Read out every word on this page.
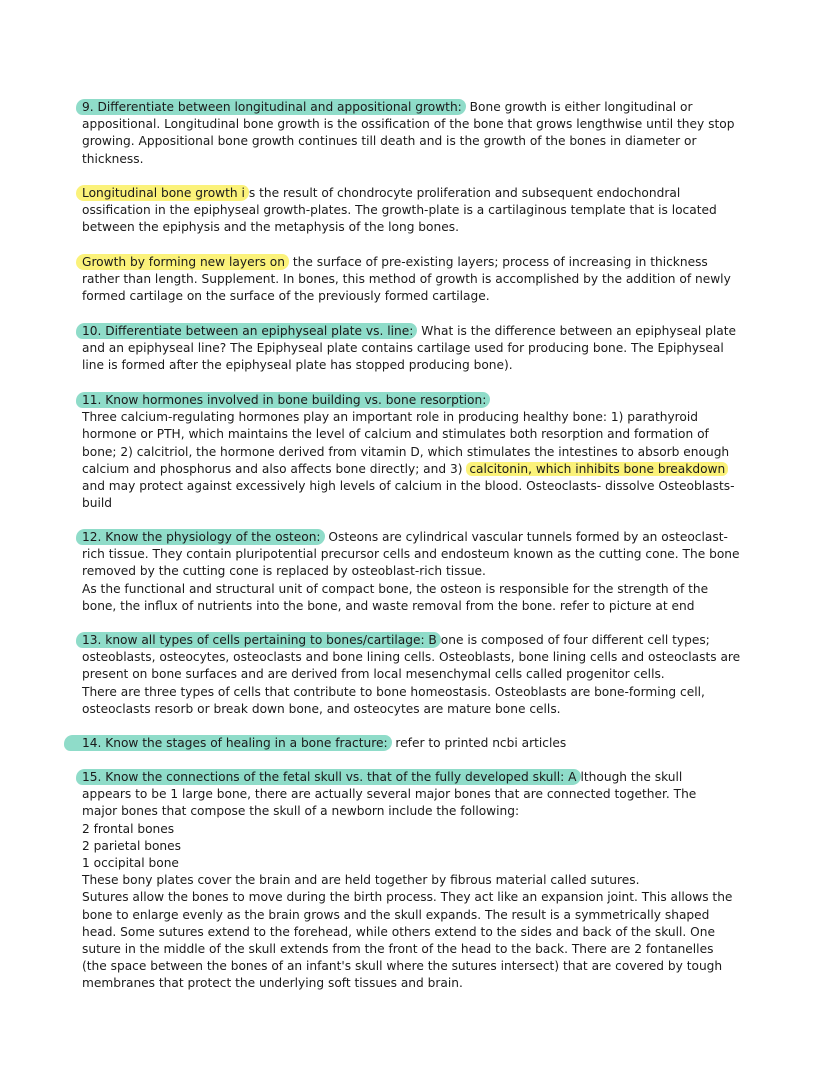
9. Differentiate between longitudinal and appositional growth: Bone growth is either longitudinal or
appositional. Longitudinal bone growth is the ossification of the bone that grows lengthwise until they stop
growing. Appositional bone growth continues till death and is the growth of the bones in diameter or
thickness.
Longitudinal bone growth i s the result of chondrocyte proliferation and subsequent endochondral
ossification in the epiphyseal growth-plates. The growth-plate is a cartilaginous template that is located
between the epiphysis and the metaphysis of the long bones.
Growth by forming new layers on the surface of pre-existing layers; process of increasing in thickness
rather than length. Supplement. In bones, this method of growth is accomplished by the addition of newly
formed cartilage on the surface of the previously formed cartilage.
10. Differentiate between an epiphyseal plate vs. line: What is the difference between an epiphyseal plate
and an epiphyseal line? The Epiphyseal plate contains cartilage used for producing bone. The Epiphyseal
line is formed after the epiphyseal plate has stopped producing bone).
11. Know hormones involved in bone building vs. bone resorption:
Three calcium-regulating hormones play an important role in producing healthy bone: 1) parathyroid
hormone or PTH, which maintains the level of calcium and stimulates both resorption and formation of
bone; 2) calcitriol, the hormone derived from vitamin D, which stimulates the intestines to absorb enough
calcium and phosphorus and also affects bone directly; and 3) calcitonin, which inhibits bone breakdown
and may protect against excessively high levels of calcium in the blood. Osteoclasts- dissolve Osteoblasts-
build
12. Know the physiology of the osteon: Osteons are cylindrical vascular tunnels formed by an osteoclast-
rich tissue. They contain pluripotential precursor cells and endosteum known as the cutting cone. The bone
removed by the cutting cone is replaced by osteoblast-rich tissue.
As the functional and structural unit of compact bone, the osteon is responsible for the strength of the
bone, the influx of nutrients into the bone, and waste removal from the bone. refer to picture at end
13. know all types of cells pertaining to bones/cartilage: B one is composed of four different cell types;
osteoblasts, osteocytes, osteoclasts and bone lining cells. Osteoblasts, bone lining cells and osteoclasts are
present on bone surfaces and are derived from local mesenchymal cells called progenitor cells.
There are three types of cells that contribute to bone homeostasis. Osteoblasts are bone-forming cell,
osteoclasts resorb or break down bone, and osteocytes are mature bone cells.
14. Know the stages of healing in a bone fracture: refer to printed ncbi articles
15. Know the connections of the fetal skull vs. that of the fully developed skull: A lthough the skull
appears to be 1 large bone, there are actually several major bones that are connected together. The
major bones that compose the skull of a newborn include the following:
2 frontal bones
2 parietal bones
1 occipital bone
These bony plates cover the brain and are held together by fibrous material called sutures.
Sutures allow the bones to move during the birth process. They act like an expansion joint. This allows the
bone to enlarge evenly as the brain grows and the skull expands. The result is a symmetrically shaped
head. Some sutures extend to the forehead, while others extend to the sides and back of the skull. One
suture in the middle of the skull extends from the front of the head to the back. There are 2 fontanelles
(the space between the bones of an infant's skull where the sutures intersect) that are covered by tough
membranes that protect the underlying soft tissues and brain.
